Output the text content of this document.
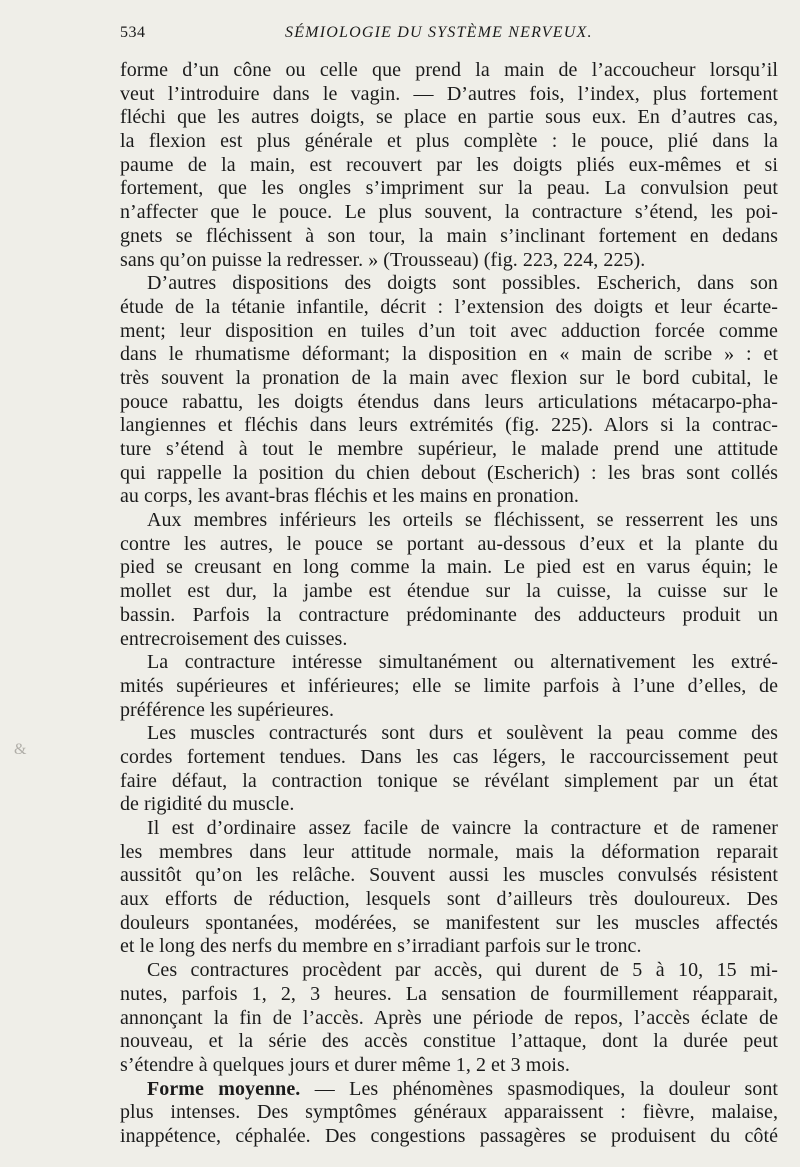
534	SÉMIOLOGIE DU SYSTÈME NERVEUX.
&
forme d’un cône ou celle que prend la main de l’accoucheur lorsqu’il
veut l’introduire dans le vagin. — D’autres fois, l’index, plus fortement
fléchi que les autres doigts, se place en partie sous eux. En d’autres cas,
la flexion est plus générale et plus complète : le pouce, plié dans la
paume de la main, est recouvert par les doigts pliés eux-mêmes et si
fortement, que les ongles s’impriment sur la peau. La convulsion peut
n’affecter que le pouce. Le plus souvent, la contracture s’étend, les poi-
gnets se fléchissent à son tour, la main s’inclinant fortement en dedans
sans qu’on puisse la redresser. » (Trousseau) (fig. 223, 224, 225).
D’autres dispositions des doigts sont possibles. Escherich, dans son
étude de la tétanie infantile, décrit : l’extension des doigts et leur écarte-
ment; leur disposition en tuiles d’un toit avec adduction forcée comme
dans le rhumatisme déformant; la disposition en « main de scribe » : et
très souvent la pronation de la main avec flexion sur le bord cubital, le
pouce rabattu, les doigts étendus dans leurs articulations métacarpo-pha-
langiennes et fléchis dans leurs extrémités (fig. 225). Alors si la contrac-
ture s’étend à tout le membre supérieur, le malade prend une attitude
qui rappelle la position du chien debout (Escherich) : les bras sont collés
au corps, les avant-bras fléchis et les mains en pronation.
Aux membres inférieurs les orteils se fléchissent, se resserrent les uns
contre les autres, le pouce se portant au-dessous d’eux et la plante du
pied se creusant en long comme la main. Le pied est en varus équin; le
mollet est dur, la jambe est étendue sur la cuisse, la cuisse sur le
bassin. Parfois la contracture prédominante des adducteurs produit un
entrecroisement des cuisses.
La contracture intéresse simultanément ou alternativement les extré-
mités supérieures et inférieures; elle se limite parfois à l’une d’elles, de
préférence les supérieures.
Les muscles contracturés sont durs et soulèvent la peau comme des
cordes fortement tendues. Dans les cas légers, le raccourcissement peut
faire défaut, la contraction tonique se révélant simplement par un état
de rigidité du muscle.
Il est d’ordinaire assez facile de vaincre la contracture et de ramener
les membres dans leur attitude normale, mais la déformation reparait
aussitôt qu’on les relâche. Souvent aussi les muscles convulsés résistent
aux efforts de réduction, lesquels sont d’ailleurs très douloureux. Des
douleurs spontanées, modérées, se manifestent sur les muscles affectés
et le long des nerfs du membre en s’irradiant parfois sur le tronc.
Ces contractures procèdent par accès, qui durent de 5 à 10, 15 mi-
nutes, parfois 1, 2, 3 heures. La sensation de fourmillement réapparait,
annonçant la fin de l’accès. Après une période de repos, l’accès éclate de
nouveau, et la série des accès constitue l’attaque, dont la durée peut
s’étendre à quelques jours et durer même 1, 2 et 3 mois.
Forme moyenne. — Les phénomènes spasmodiques, la douleur sont
plus intenses. Des symptômes généraux apparaissent : fièvre, malaise,
inappétence, céphalée. Des congestions passagères se produisent du côté
